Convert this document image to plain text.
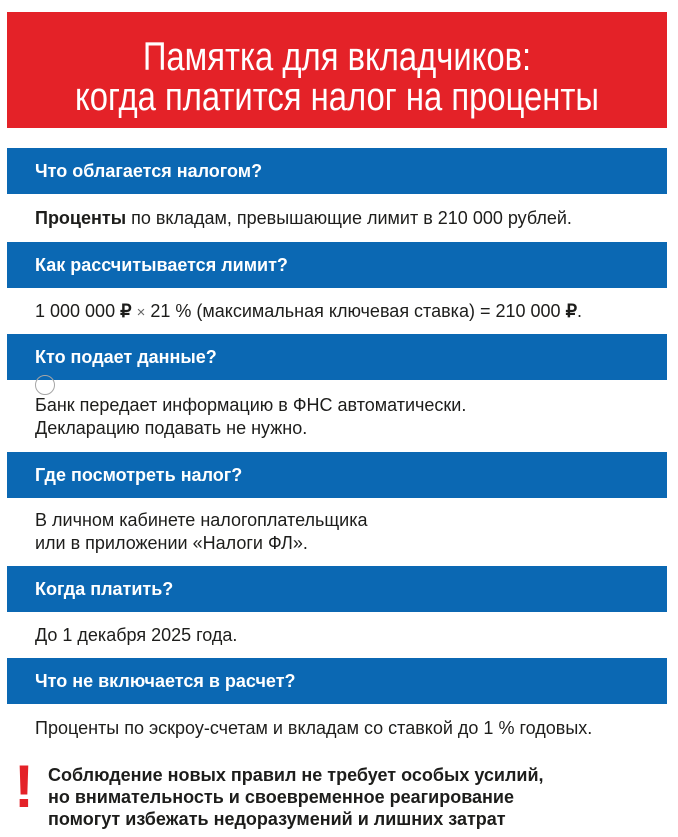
Памятка для вкладчиков:
когда платится налог на проценты
Что облагается налогом?
Проценты по вкладам, превышающие лимит в 210 000 рублей.
Как рассчитывается лимит?
1 000 000 ₽ × 21 % (максимальная ключевая ставка) = 210 000 ₽.
Кто подает данные?
Банк передает информацию в ФНС автоматически.
Декларацию подавать не нужно.
Где посмотреть налог?
В личном кабинете налогоплательщика
или в приложении «Налоги ФЛ».
Когда платить?
До 1 декабря 2025 года.
Что не включается в расчет?
Проценты по эскроу-счетам и вкладам со ставкой до 1 % годовых.
! Соблюдение новых правил не требует особых усилий,
но внимательность и своевременное реагирование
помогут избежать недоразумений и лишних затрат
